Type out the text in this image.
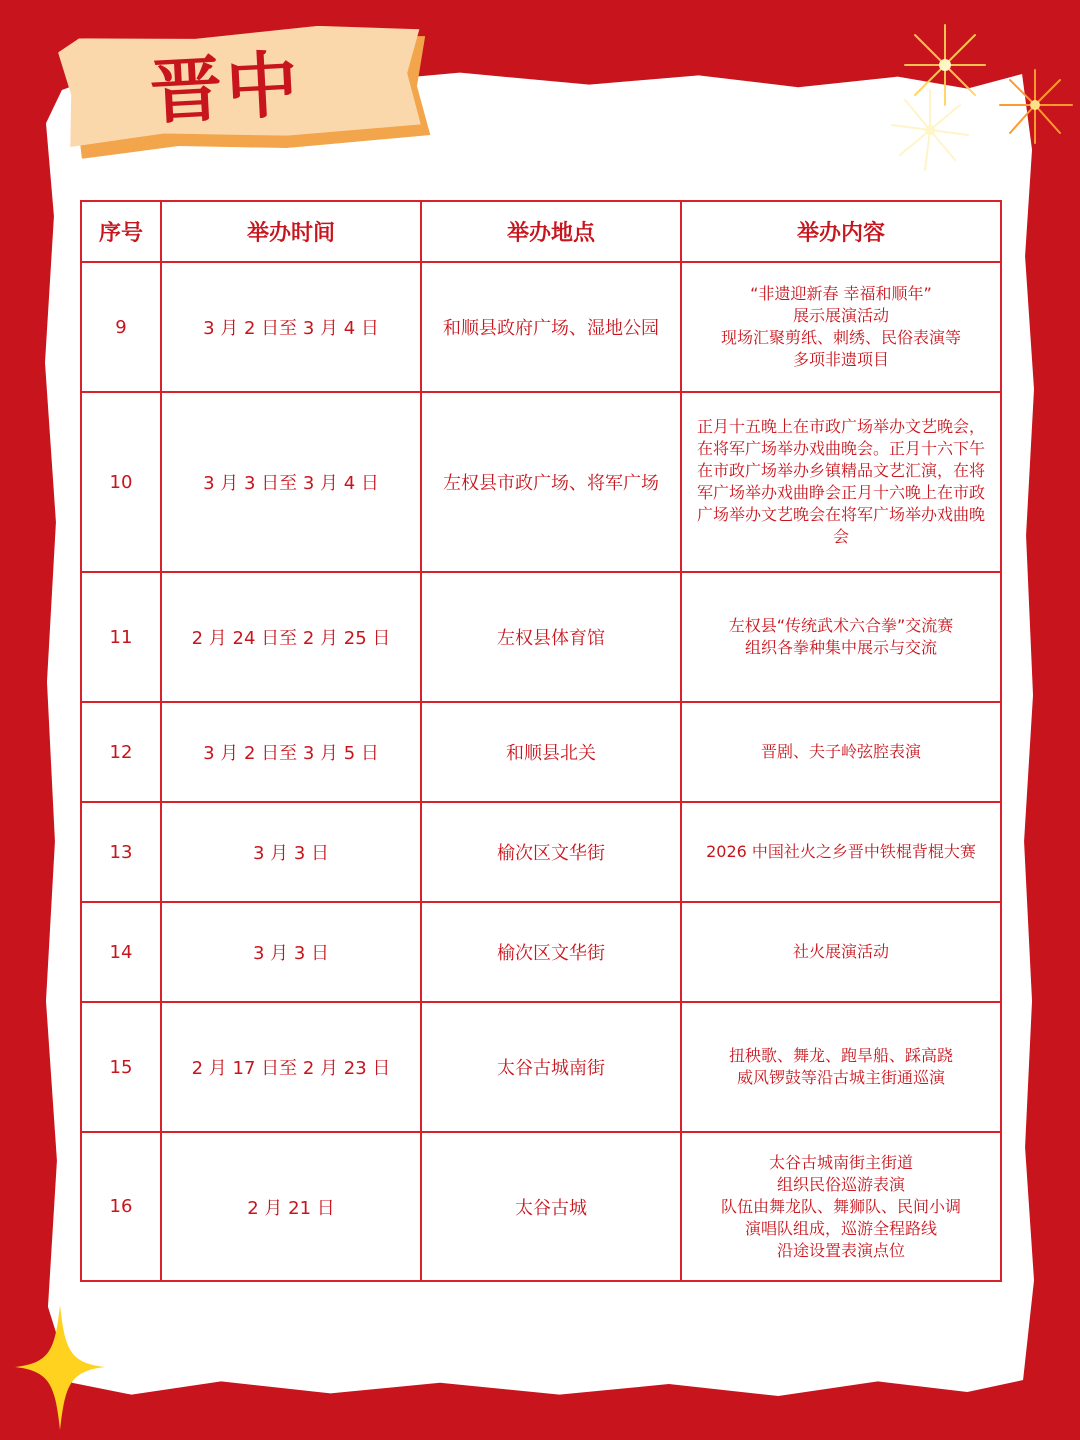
晋中
序号	举办时间	举办地点	举办内容
9	3 月 2 日至 3 月 4 日	和顺县政府广场、湿地公园	“非遗迎新春 幸福和顺年”
展示展演活动
现场汇聚剪纸、刺绣、民俗表演等
多项非遗项目
10	3 月 3 日至 3 月 4 日	左权县市政广场、将军广场	正月十五晚上在市政广场举办文艺晚会，在将军广场举办戏曲晚会。正月十六下午在市政广场举办乡镇精品文艺汇演，在将军广场举办戏曲睁会正月十六晚上在市政广场举办文艺晚会在将军广场举办戏曲晚会
11	2 月 24 日至 2 月 25 日	左权县体育馆	左权县“传统武术六合拳”交流赛
组织各拳种集中展示与交流
12	3 月 2 日至 3 月 5 日	和顺县北关	晋剧、夫子岭弦腔表演
13	3 月 3 日	榆次区文华街	2026 中国社火之乡晋中铁棍背棍大赛
14	3 月 3 日	榆次区文华街	社火展演活动
15	2 月 17 日至 2 月 23 日	太谷古城南街	扭秧歌、舞龙、跑旱船、踩高跷
威风锣鼓等沿古城主街通巡演
16	2 月 21 日	太谷古城	太谷古城南街主街道
组织民俗巡游表演
队伍由舞龙队、舞狮队、民间小调
演唱队组成，巡游全程路线
沿途设置表演点位
